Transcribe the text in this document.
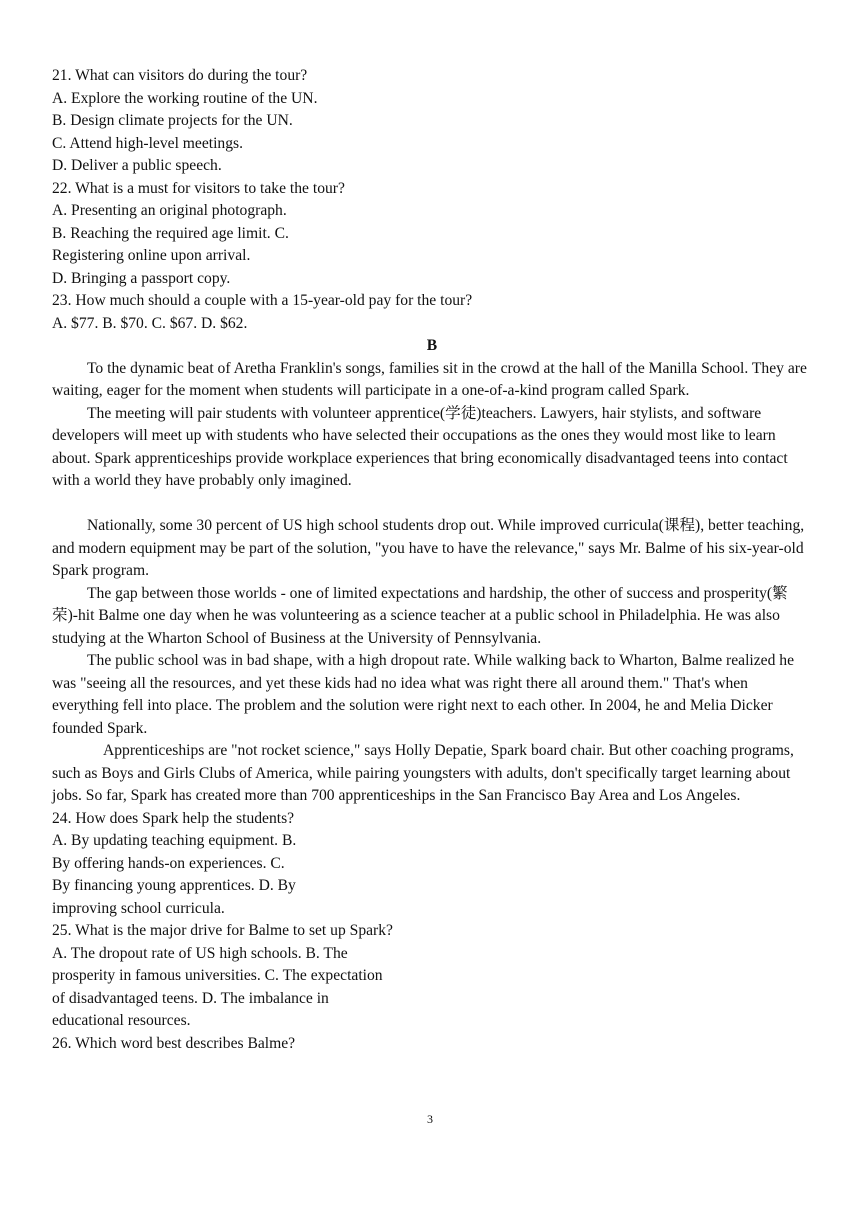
21. What can visitors do during the tour?
A. Explore the working routine of the UN.
B. Design climate projects for the UN.
C. Attend high-level meetings.
D. Deliver a public speech.
22. What is a must for visitors to take the tour?
A. Presenting an original photograph.
B. Reaching the required age limit. C.
Registering online upon arrival.
D. Bringing a passport copy.
23. How much should a couple with a 15-year-old pay for the tour?
A. $77. B. $70. C. $67. D. $62.
B

To the dynamic beat of Aretha Franklin's songs, families sit in the crowd at the hall of the Manilla School. They are waiting, eager for the moment when students will participate in a one-of-a-kind program called Spark.

The meeting will pair students with volunteer apprentice(学徒)teachers. Lawyers, hair stylists, and software developers will meet up with students who have selected their occupations as the ones they would most like to learn about. Spark apprenticeships provide workplace experiences that bring economically disadvantaged teens into contact with a world they have probably only imagined.

Nationally, some 30 percent of US high school students drop out. While improved curricula(课程), better teaching, and modern equipment may be part of the solution, "you have to have the relevance," says Mr. Balme of his six-year-old Spark program.

The gap between those worlds - one of limited expectations and hardship, the other of success and prosperity(繁荣)-hit Balme one day when he was volunteering as a science teacher at a public school in Philadelphia. He was also studying at the Wharton School of Business at the University of Pennsylvania.

The public school was in bad shape, with a high dropout rate. While walking back to Wharton, Balme realized he was "seeing all the resources, and yet these kids had no idea what was right there all around them." That's when everything fell into place. The problem and the solution were right next to each other. In 2004, he and Melia Dicker founded Spark.

Apprenticeships are "not rocket science," says Holly Depatie, Spark board chair. But other coaching programs, such as Boys and Girls Clubs of America, while pairing youngsters with adults, don't specifically target learning about jobs. So far, Spark has created more than 700 apprenticeships in the San Francisco Bay Area and Los Angeles.

24. How does Spark help the students?
A. By updating teaching equipment. B.
By offering hands-on experiences. C.
By financing young apprentices. D. By
improving school curricula.
25. What is the major drive for Balme to set up Spark?
A. The dropout rate of US high schools. B. The
prosperity in famous universities. C. The expectation
of disadvantaged teens. D. The imbalance in
educational resources.
26. Which word best describes Balme?
3
